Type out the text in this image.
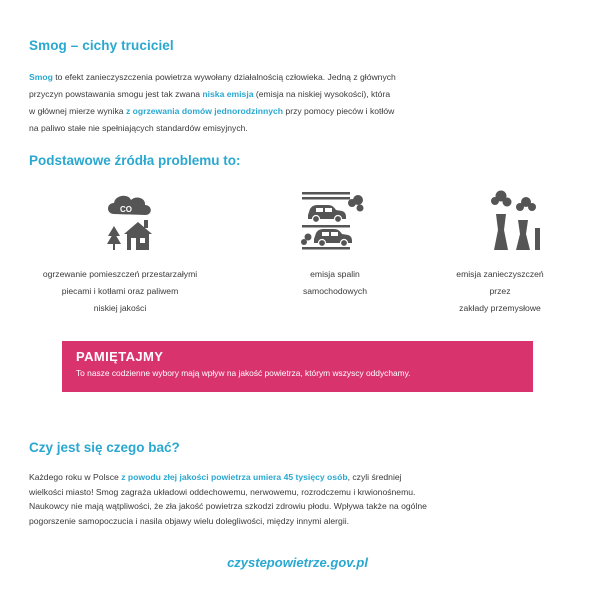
Smog – cichy truciciel
Smog to efekt zanieczyszczenia powietrza wywołany działalnością człowieka. Jedną z głównych
przyczyn powstawania smogu jest tak zwana niska emisja (emisja na niskiej wysokości), która
w głównej mierze wynika z ogrzewania domów jednorodzinnych przy pomocy pieców i kotłów
na paliwo stałe nie spełniających standardów emisyjnych.
Podstawowe źródła problemu to:
CO
ogrzewanie pomieszczeń przestarzałymi
piecami i kotłami oraz paliwem
niskiej jakości
emisja spalin
samochodowych
emisja zanieczyszczeń
przez
zakłady przemysłowe
PAMIĘTAJMY
To nasze codzienne wybory mają wpływ na jakość powietrza, którym wszyscy oddychamy.
Czy jest się czego bać?
Każdego roku w Polsce z powodu złej jakości powietrza umiera 45 tysięcy osób, czyli średniej
wielkości miasto! Smog zagraża układowi oddechowemu, nerwowemu, rozrodczemu i krwionośnemu.
Naukowcy nie mają wątpliwości, że zła jakość powietrza szkodzi zdrowiu płodu. Wpływa także na ogólne
pogorszenie samopoczucia i nasila objawy wielu dolegliwości, między innymi alergii.
czystepowietrze.gov.pl
